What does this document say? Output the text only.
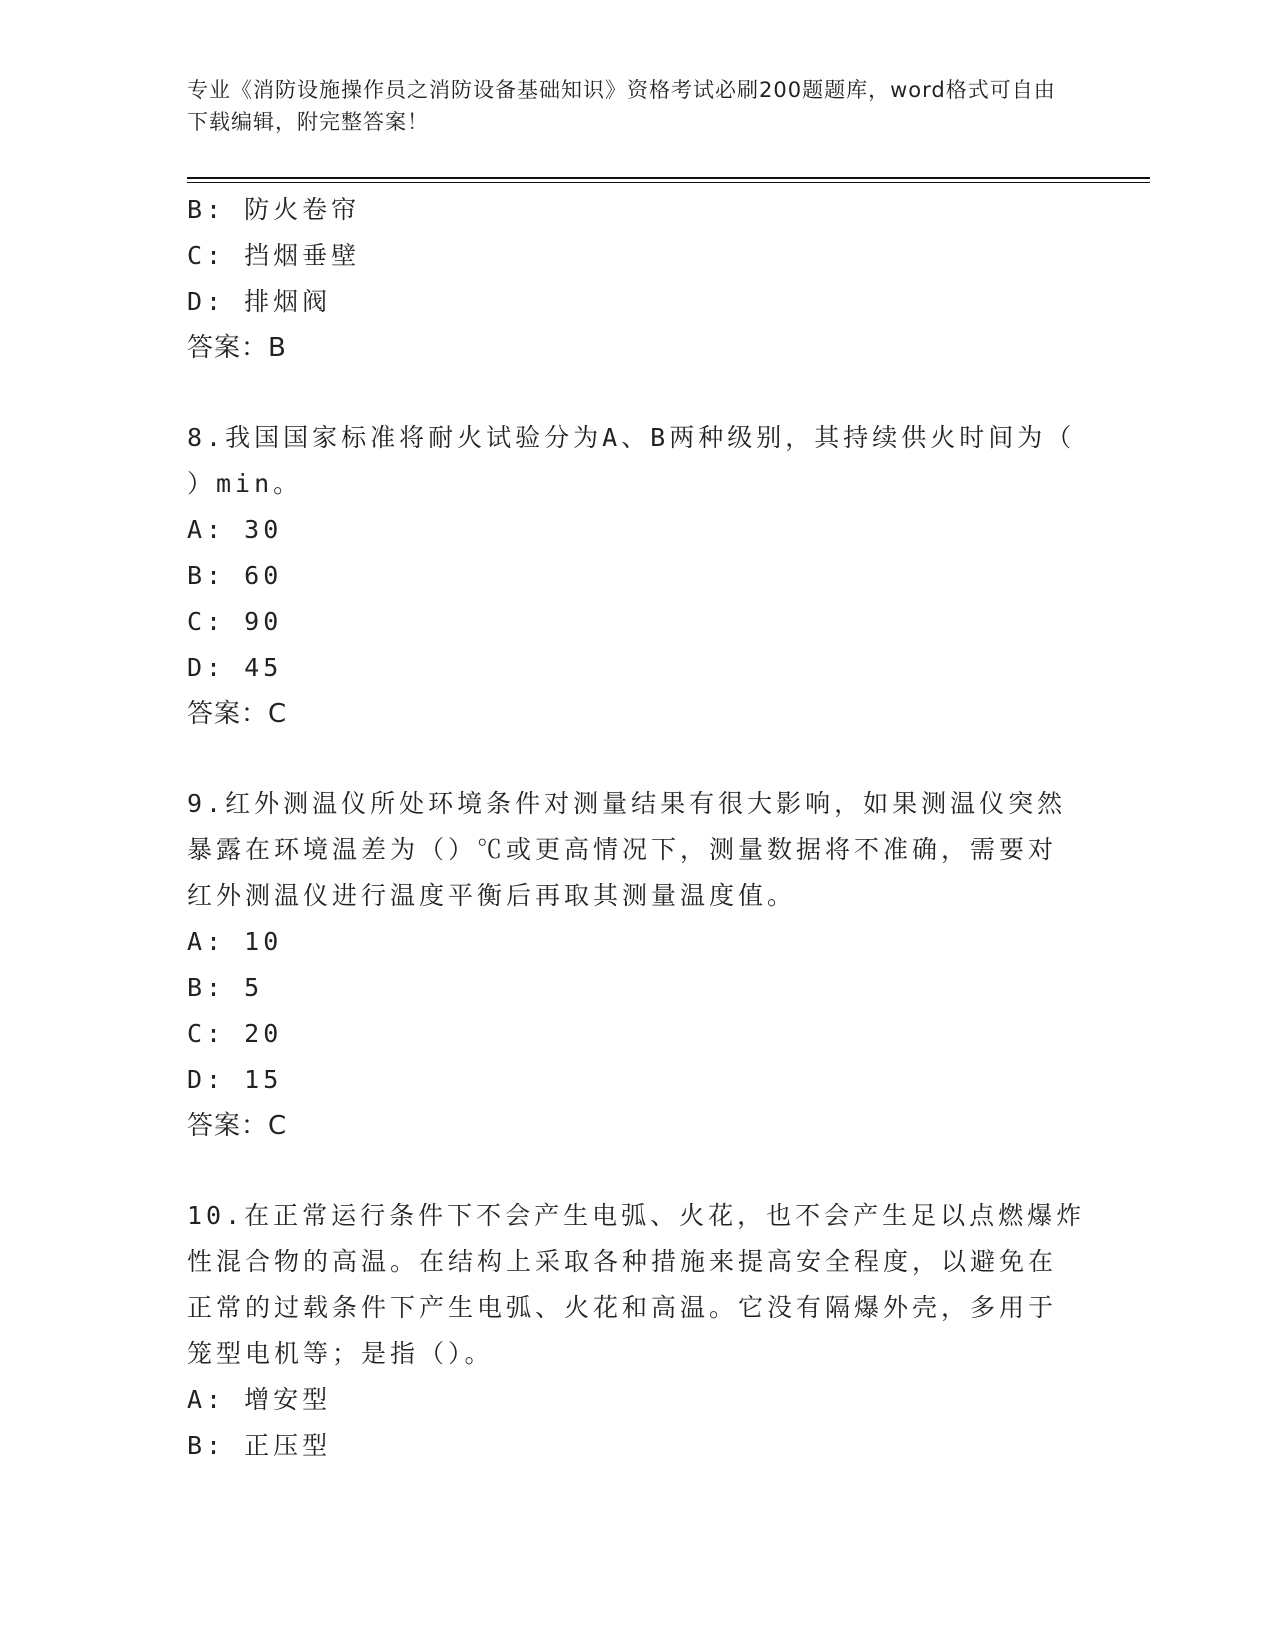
专业《消防设施操作员之消防设备基础知识》资格考试必刷200题题库，word格式可自由下载编辑，附完整答案！
B: 防火卷帘
C: 挡烟垂壁
D: 排烟阀
答案：B
8.我国国家标准将耐火试验分为A、B两种级别，其持续供火时间为（
）min。
A: 30
B: 60
C: 90
D: 45
答案：C
9.红外测温仪所处环境条件对测量结果有很大影响，如果测温仪突然
暴露在环境温差为（）℃或更高情况下，测量数据将不准确，需要对
红外测温仪进行温度平衡后再取其测量温度值。
A: 10
B: 5
C: 20
D: 15
答案：C
10.在正常运行条件下不会产生电弧、火花，也不会产生足以点燃爆炸
性混合物的高温。在结构上采取各种措施来提高安全程度，以避免在
正常的过载条件下产生电弧、火花和高温。它没有隔爆外壳，多用于
笼型电机等；是指（）。
A: 增安型
B: 正压型
